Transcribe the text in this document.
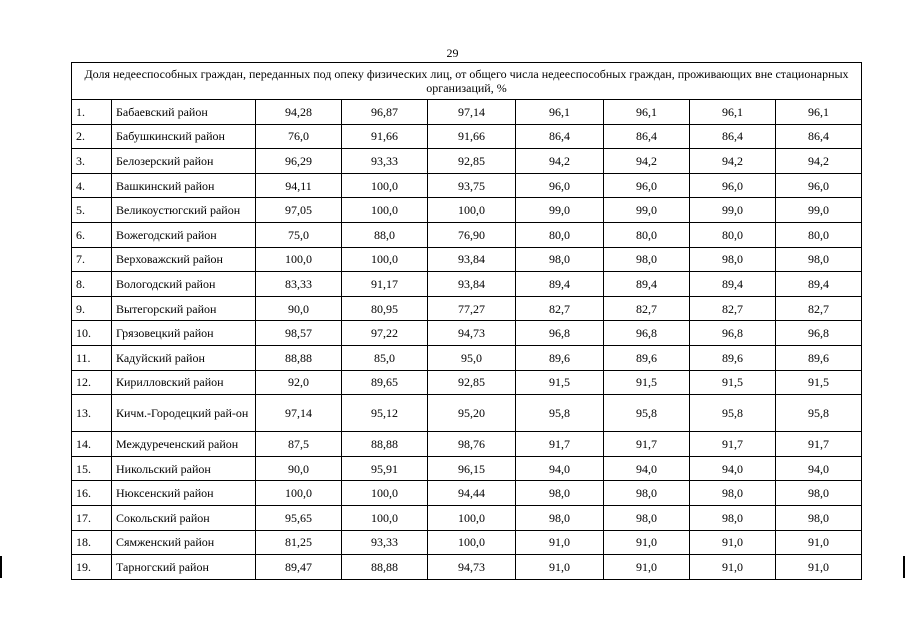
29
Доля недееспособных граждан, переданных под опеку физических лиц, от общего числа недееспособных граждан, проживающих вне стационарных организаций, %								
1.	Бабаевский район	94,28	96,87	97,14	96,1	96,1	96,1	96,1
2.	Бабушкинский район	76,0	91,66	91,66	86,4	86,4	86,4	86,4
3.	Белозерский район	96,29	93,33	92,85	94,2	94,2	94,2	94,2
4.	Вашкинский район	94,11	100,0	93,75	96,0	96,0	96,0	96,0
5.	Великоустюгский район	97,05	100,0	100,0	99,0	99,0	99,0	99,0
6.	Вожегодский район	75,0	88,0	76,90	80,0	80,0	80,0	80,0
7.	Верховажский район	100,0	100,0	93,84	98,0	98,0	98,0	98,0
8.	Вологодский район	83,33	91,17	93,84	89,4	89,4	89,4	89,4
9.	Вытегорский район	90,0	80,95	77,27	82,7	82,7	82,7	82,7
10.	Грязовецкий район	98,57	97,22	94,73	96,8	96,8	96,8	96,8
11.	Кадуйский район	88,88	85,0	95,0	89,6	89,6	89,6	89,6
12.	Кирилловский район	92,0	89,65	92,85	91,5	91,5	91,5	91,5
13.	Кичм.-Городецкий рай-он	97,14	95,12	95,20	95,8	95,8	95,8	95,8
14.	Междуреченский район	87,5	88,88	98,76	91,7	91,7	91,7	91,7
15.	Никольский район	90,0	95,91	96,15	94,0	94,0	94,0	94,0
16.	Нюксенский район	100,0	100,0	94,44	98,0	98,0	98,0	98,0
17.	Сокольский район	95,65	100,0	100,0	98,0	98,0	98,0	98,0
18.	Сямженский район	81,25	93,33	100,0	91,0	91,0	91,0	91,0
19.	Тарногский район	89,47	88,88	94,73	91,0	91,0	91,0	91,0
